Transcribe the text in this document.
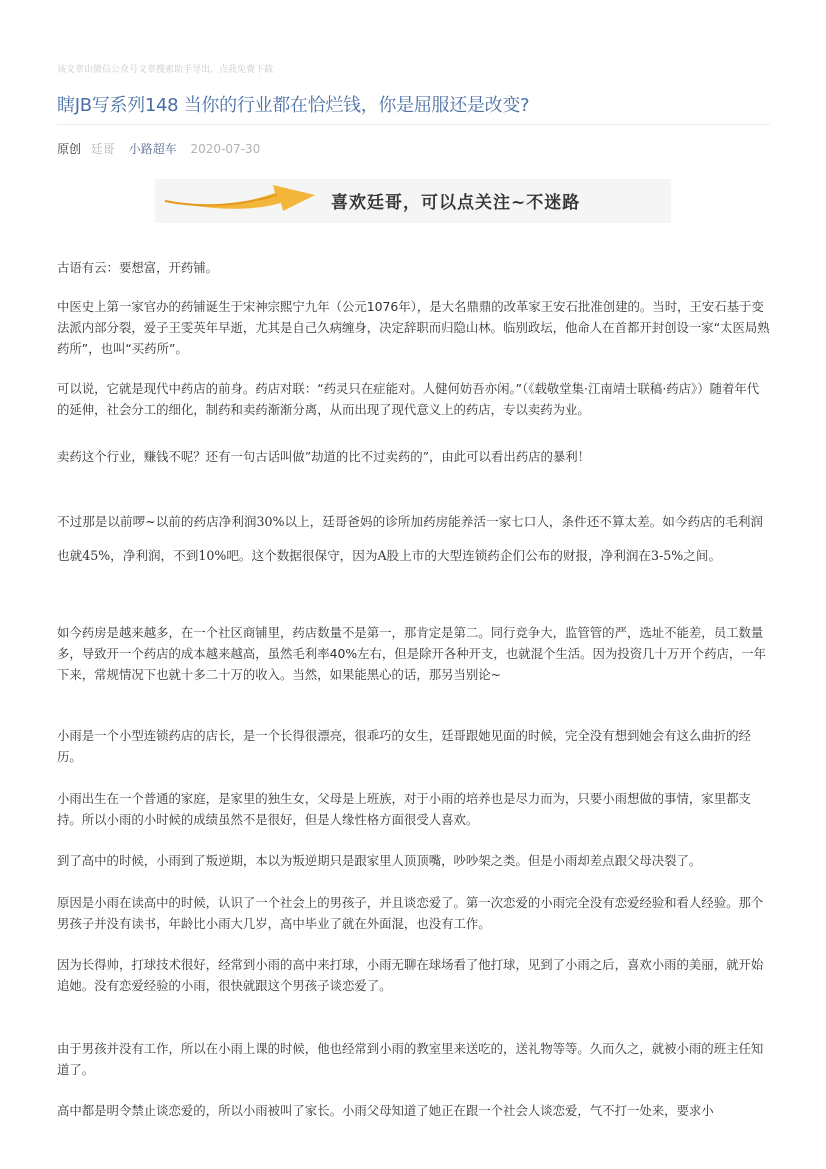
该文章由微信公众号文章搜索助手导出，点我免费下载
瞎JB写系列148 当你的行业都在恰烂钱，你是屈服还是改变?
原创 廷哥 小路超车 2020-07-30
喜欢廷哥，可以点关注~不迷路
古语有云：要想富，开药铺。
中医史上第一家官办的药铺诞生于宋神宗熙宁九年（公元1076年），是大名鼎鼎的改革家王安石批准创建的。当时，王安石基于变法派内部分裂，爱子王雯英年早逝，尤其是自己久病缠身，决定辞职而归隐山林。临别政坛，他命人在首都开封创设一家“太医局熟药所”，也叫“买药所”。
可以说，它就是现代中药店的前身。药店对联：“药灵只在症能对。人健何妨吾亦闲。”（《载敬堂集·江南靖士联稿·药店》）随着年代的延伸，社会分工的细化，制药和卖药渐渐分离，从而出现了现代意义上的药店，专以卖药为业。
卖药这个行业，赚钱不呢？还有一句古话叫做”劫道的比不过卖药的”，由此可以看出药店的暴利！
不过那是以前啰~以前的药店净利润30%以上，廷哥爸妈的诊所加药房能养活一家七口人，条件还不算太差。如今药店的毛利润也就45%，净利润，不到10%吧。这个数据很保守，因为A股上市的大型连锁药企们公布的财报，净利润在3-5%之间。
如今药房是越来越多，在一个社区商铺里，药店数量不是第一，那肯定是第二。同行竞争大，监管管的严，选址不能差，员工数量多，导致开一个药店的成本越来越高，虽然毛利率40%左右，但是除开各种开支，也就混个生活。因为投资几十万开个药店，一年下来，常规情况下也就十多二十万的收入。当然，如果能黑心的话，那另当别论~
小雨是一个小型连锁药店的店长，是一个长得很漂亮，很乖巧的女生，廷哥跟她见面的时候，完全没有想到她会有这么曲折的经历。
小雨出生在一个普通的家庭，是家里的独生女，父母是上班族，对于小雨的培养也是尽力而为，只要小雨想做的事情，家里都支持。所以小雨的小时候的成绩虽然不是很好，但是人缘性格方面很受人喜欢。
到了高中的时候，小雨到了叛逆期，本以为叛逆期只是跟家里人顶顶嘴，吵吵架之类。但是小雨却差点跟父母决裂了。
原因是小雨在读高中的时候，认识了一个社会上的男孩子，并且谈恋爱了。第一次恋爱的小雨完全没有恋爱经验和看人经验。那个男孩子并没有读书，年龄比小雨大几岁，高中毕业了就在外面混，也没有工作。
因为长得帅，打球技术很好，经常到小雨的高中来打球，小雨无聊在球场看了他打球，见到了小雨之后，喜欢小雨的美丽，就开始追她。没有恋爱经验的小雨，很快就跟这个男孩子谈恋爱了。
由于男孩并没有工作，所以在小雨上课的时候，他也经常到小雨的教室里来送吃的，送礼物等等。久而久之，就被小雨的班主任知道了。
高中都是明令禁止谈恋爱的，所以小雨被叫了家长。小雨父母知道了她正在跟一个社会人谈恋爱，气不打一处来，要求小
